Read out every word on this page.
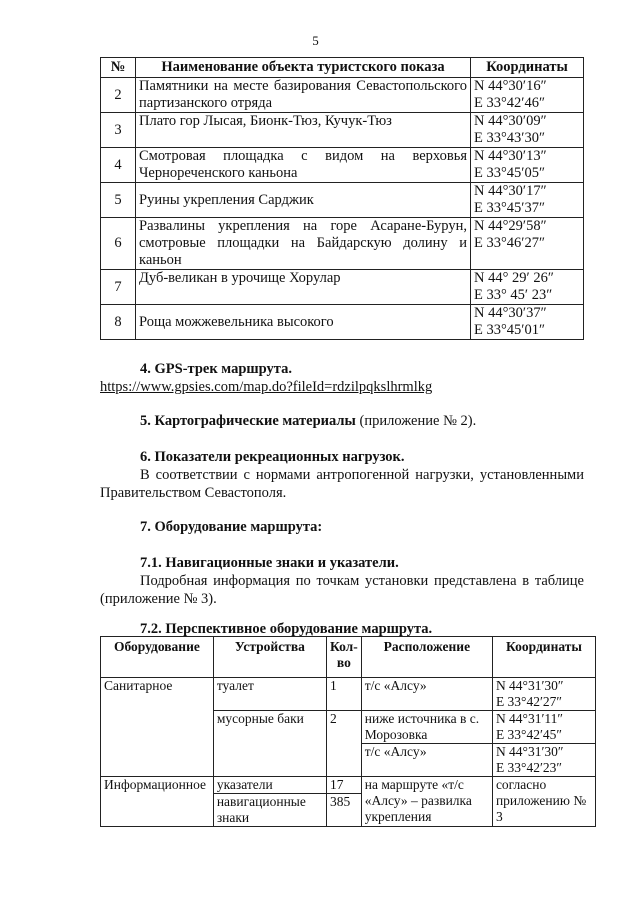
5
№	Наименование объекта туристского показа	Координаты
2	Памятники на месте базирования Севастопольского партизанского отряда	N 44°30′16″
E 33°42′46″
3	Плато гор Лысая, Бионк-Тюз, Кучук-Тюз	N 44°30′09″
E 33°43′30″
4	Смотровая площадка с видом на верховья Чернореченского каньона	N 44°30′13″
E 33°45′05″
5	Руины укрепления Сарджик	N 44°30′17″
E 33°45′37″
6	Развалины укрепления на горе Асаране-Бурун, смотровые площадки на Байдарскую долину и каньон	N 44°29′58″
E 33°46′27″
7	Дуб-великан в урочище Хорулар	N 44° 29′ 26″
E 33° 45′ 23″
8	Роща можжевельника высокого	N 44°30′37″
E 33°45′01″
4. GPS-трек маршрута.
https://www.gpsies.com/map.do?fileId=rdzilpqkslhrmlkg
5. Картографические материалы (приложение № 2).
6. Показатели рекреационных нагрузок.
В соответствии с нормами антропогенной нагрузки, установленными Правительством Севастополя.
7. Оборудование маршрута:
7.1. Навигационные знаки и указатели.
Подробная информация по точкам установки представлена в таблице (приложение № 3).
7.2. Перспективное оборудование маршрута.
Оборудование	Устройства	Кол-во	Расположение	Координаты
Санитарное	туалет	1	т/с «Алсу»	N 44°31′30″
E 33°42′27″
	мусорные баки	2	ниже источника в с. Морозовка	N 44°31′11″
E 33°42′45″
			т/с «Алсу»	N 44°31′30″
E 33°42′23″
Информационное	указатели	17	на маршруте «т/с «Алсу» – развилка укрепления	согласно приложению № 3
	навигационные знаки	385		
